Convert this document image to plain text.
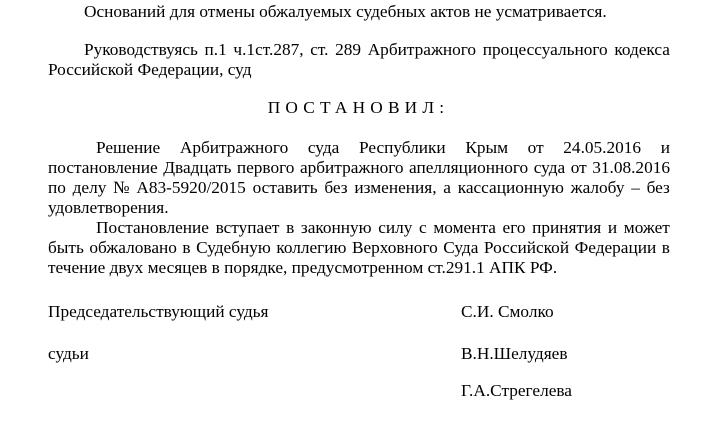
Оснований для отмены обжалуемых судебных актов не усматривается.
Руководствуясь п.1 ч.1ст.287, ст. 289 Арбитражного процессуального кодекса
Российской Федерации, суд
ПОСТАНОВИЛ:
Решение Арбитражного суда Республики Крым от 24.05.2016 и
постановление Двадцать первого арбитражного апелляционного суда от 31.08.2016
по делу № А83-5920/2015 оставить без изменения, а кассационную жалобу – без
удовлетворения.
Постановление вступает в законную силу с момента его принятия и может
быть обжаловано в Судебную коллегию Верховного Суда Российской Федерации в
течение двух месяцев в порядке, предусмотренном ст.291.1 АПК РФ.
Председательствующий судья	С.И. Смолко
судьи	В.Н.Шелудяев
Г.А.Стрегелева
